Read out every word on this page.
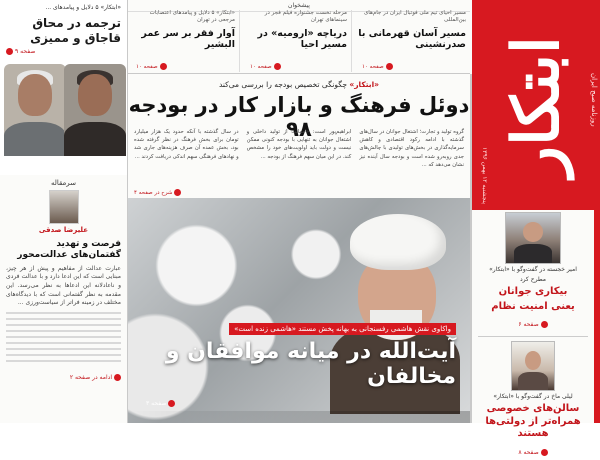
پنجشنبه ۱۲ بهمن ۱۳۹۶
ابتکار	روزنامه صبح ایران
پیشخوان
مسیر احیای تیم ملی فوتبال ایران در جام‌های بین‌المللی
مسیر آسان قهرمانی با صدرنشینی
صفحه ۱۰
مرحله نخست جشنواره فیلم فجر در سینماهای تهران
دریاچه «ارومیه» در مسیر احیا
صفحه ۱۰
«ابتکار» ۵ دلایل و پیامدهای اعتصابات مرجعی در تهران
آوار فقر بر سر عمر البشیر
صفحه ۱۰
«ابتکار» ۵ دلایل و پیامدهای ...
ترجمه در محاق قاجاق و ممیزی
صفحه ۹
سرمقاله
علیرضا صدقی
فرصت و تهدید گفتمان‌های عدالت‌محور
عبارت عدالت از مفاهیم و پیش از هر چیز، مبنایی است که این ادعا دارد و با عدالت فردی و ناعادلانه این ادعاها به نظر می‌رسد. این مقدمه به نظر گفتمانی است که با دیدگاه‌های مختلف در زمینه فراتر از سیاست‌ورزی ...
ادامه در صفحه ۲
«ابتکار» چگونگی تخصیص بودجه را بررسی می‌کند
دوئل فرهنگ و بازار کار در بودجه ۹۸	گروه تولید و تجارت؛ اشتغال جوانان در سال‌های گذشته با ادامه رکود اقتصادی و کاهش سرمایه‌گذاری در بخش‌های تولیدی با چالش‌های جدی روبه‌رو شده است و بودجه سال آینده نیز نشان می‌دهد که ...

ابراهیم‌پور است: «حمایت از تولید داخلی و اشتغال جوانان به تنهایی با بودجه کنونی ممکن نیست و دولت باید اولویت‌های خود را مشخص کند. در این میان سهم فرهنگ از بودجه ...

در سال گذشته با آنکه حدود یک هزار میلیارد تومان برای بخش فرهنگ در نظر گرفته شده بود، بخش عمده آن صرف هزینه‌های جاری شد و نهادهای فرهنگی سهم اندکی دریافت کردند ...

شرح در صفحه ۴
واکاوی نقش هاشمی رفسنجانی به بهانه پخش مستند «هاشمی زنده است»
آیت‌الله در میانه موافقان و مخالفان
صفحه ۳
امیر خجسته در گفت‌وگو با «ابتکار»
مطرح کرد
بیکاری جوانان
یعنی امنیت نظام
صفحه ۶
لیلی ماخ در گفت‌وگو با «ابتکار»
سالن‌های خصوصی همراه‌تر از دولتی‌ها هستند
صفحه ۸
